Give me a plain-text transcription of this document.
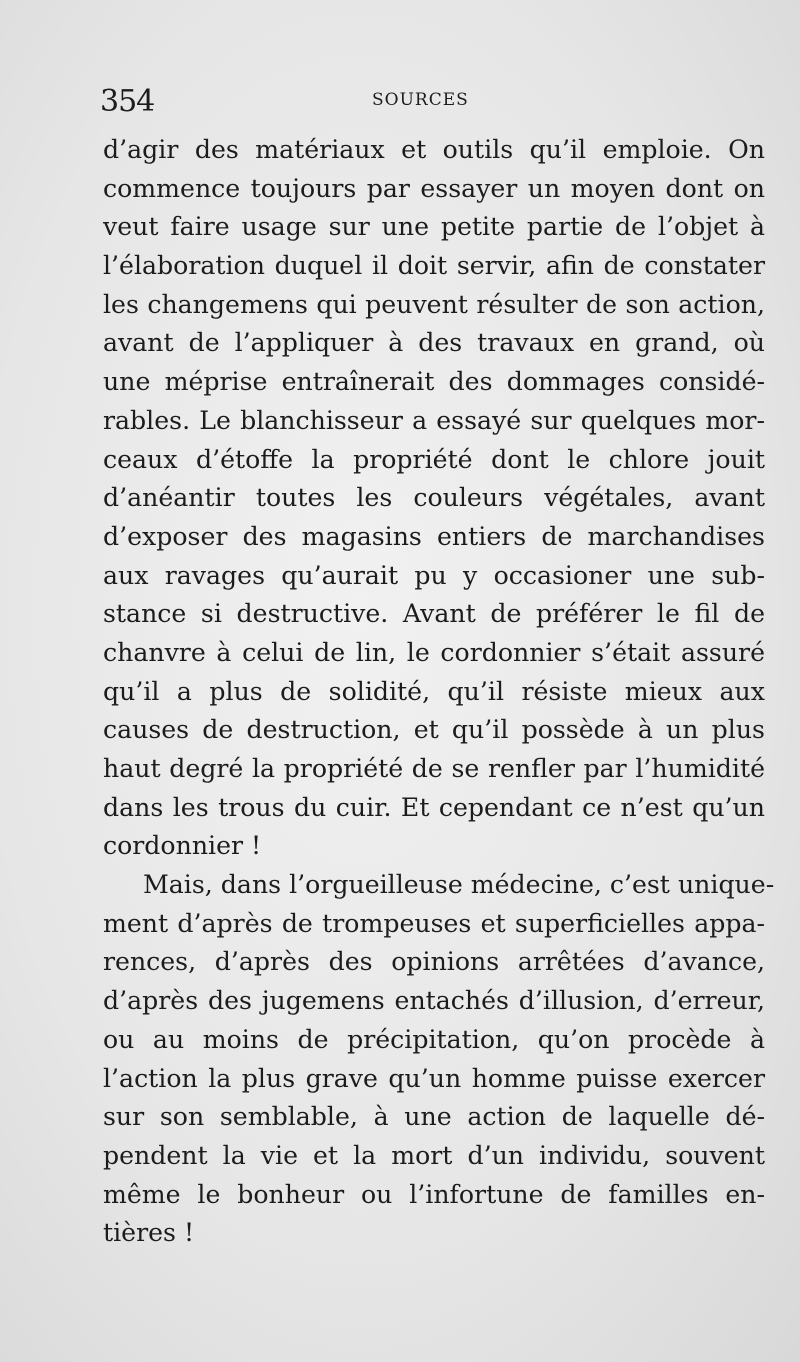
354	SOURCES
d’agir des matériaux et outils qu’il emploie. On
commence toujours par essayer un moyen dont on
veut faire usage sur une petite partie de l’objet à
l’élaboration duquel il doit servir, afin de constater
les changemens qui peuvent résulter de son action,
avant de l’appliquer à des travaux en grand, où
une méprise entraînerait des dommages considé-
rables. Le blanchisseur a essayé sur quelques mor-
ceaux d’étoffe la propriété dont le chlore jouit
d’anéantir toutes les couleurs végétales, avant
d’exposer des magasins entiers de marchandises
aux ravages qu’aurait pu y occasioner une sub-
stance si destructive. Avant de préférer le fil de
chanvre à celui de lin, le cordonnier s’était assuré
qu’il a plus de solidité, qu’il résiste mieux aux
causes de destruction, et qu’il possède à un plus
haut degré la propriété de se renfler par l’humidité
dans les trous du cuir. Et cependant ce n’est qu’un
cordonnier !
Mais, dans l’orgueilleuse médecine, c’est unique-
ment d’après de trompeuses et superficielles appa-
rences, d’après des opinions arrêtées d’avance,
d’après des jugemens entachés d’illusion, d’erreur,
ou au moins de précipitation, qu’on procède à
l’action la plus grave qu’un homme puisse exercer
sur son semblable, à une action de laquelle dé-
pendent la vie et la mort d’un individu, souvent
même le bonheur ou l’infortune de familles en-
tières !
